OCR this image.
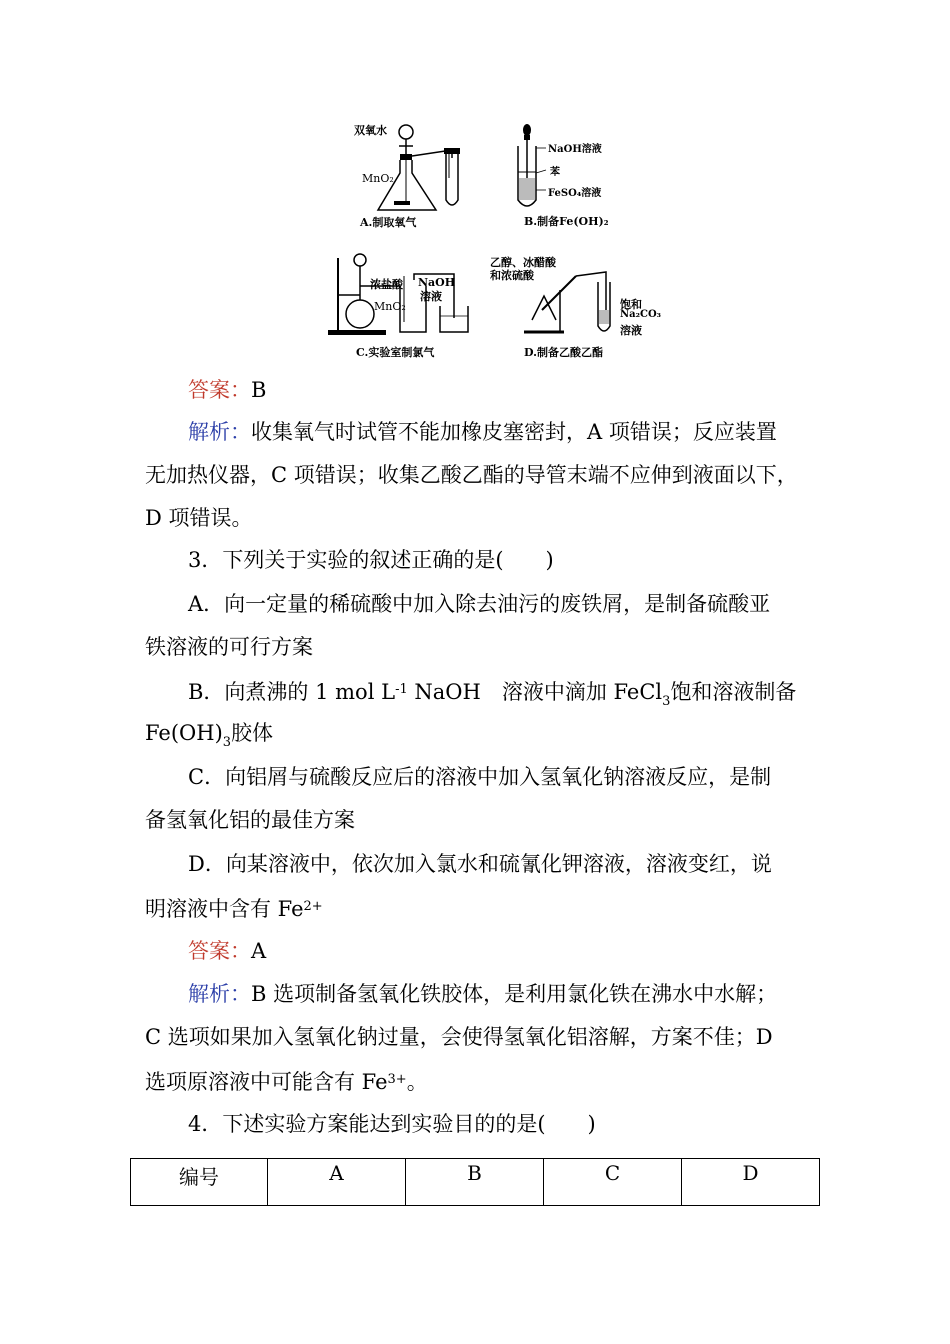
双氧水
MnO₂
A.制取氧气
NaOH溶液
苯
FeSO₄溶液
B.制备Fe(OH)₂
浓盐酸
MnO₂
NaOH
溶液
C.实验室制氯气
乙醇、冰醋酸
和浓硫酸
饱和
Na₂CO₃
溶液
D.制备乙酸乙酯
答案：B
解析：收集氧气时试管不能加橡皮塞密封，A 项错误；反应装置
无加热仪器，C 项错误；收集乙酸乙酯的导管末端不应伸到液面以下，
D 项错误。
3．下列关于实验的叙述正确的是(　　)
A．向一定量的稀硫酸中加入除去油污的废铁屑，是制备硫酸亚
铁溶液的可行方案
B．向煮沸的 1 mol $L^{-1}$ NaOH　溶液中滴加 FeCl$_3$饱和溶液制备
$Fe(OH)_3$胶体
C．向铝屑与硫酸反应后的溶液中加入氢氧化钠溶液反应，是制
备氢氧化铝的最佳方案
D．向某溶液中，依次加入氯水和硫氰化钾溶液，溶液变红，说
明溶液中含有 $Fe^{2+}$
答案：A
解析：B 选项制备氢氧化铁胶体，是利用氯化铁在沸水中水解；
C 选项如果加入氢氧化钠过量，会使得氢氧化铝溶解，方案不佳；D
选项原溶液中可能含有 $Fe^{3+}$。
4．下述实验方案能达到实验目的的是(　　)
编号	A	B	C	D
